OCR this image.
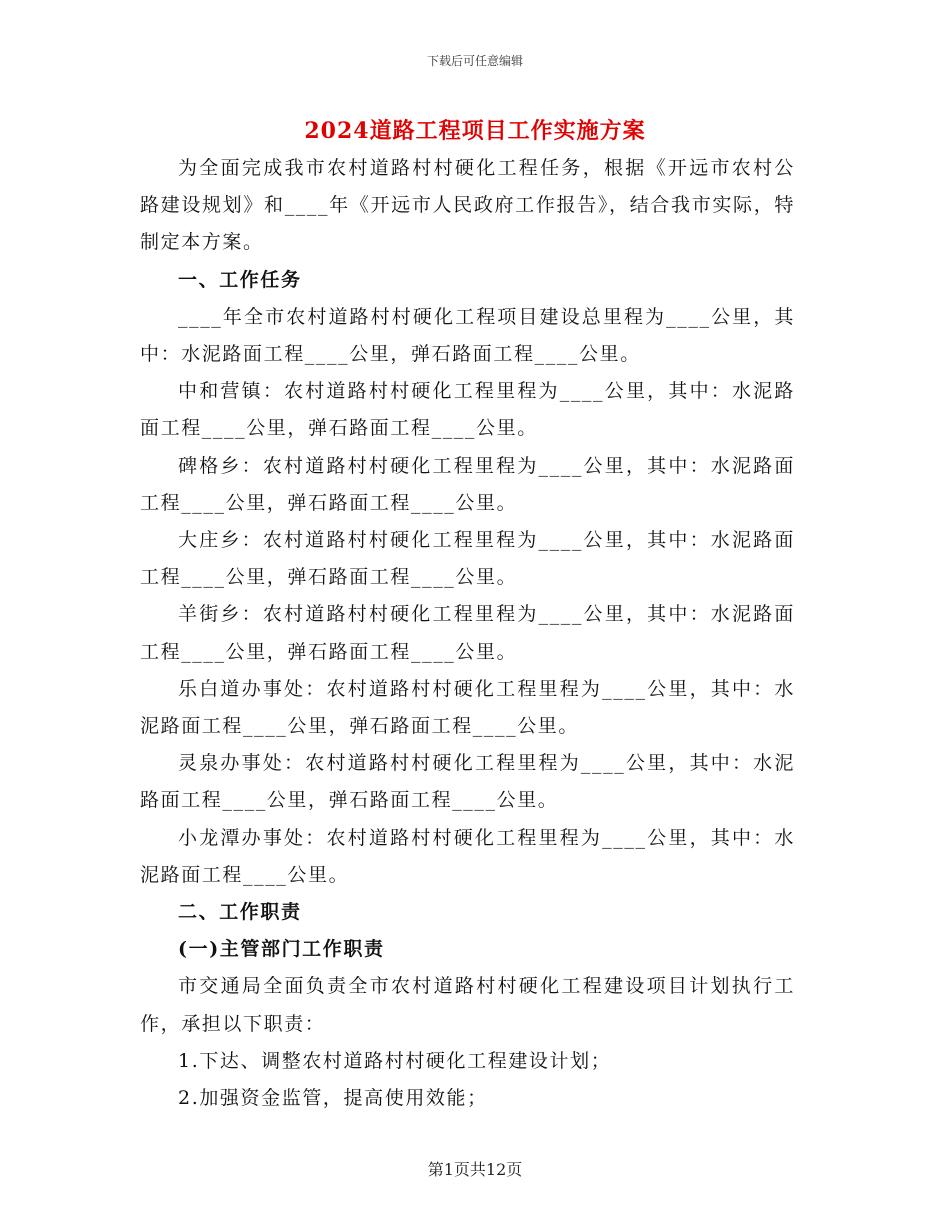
下载后可任意编辑
2024道路工程项目工作实施方案

为全面完成我市农村道路村村硬化工程任务，根据《开远市农村公路建设规划》和____年《开远市人民政府工作报告》，结合我市实际，特制定本方案。

一、工作任务

____年全市农村道路村村硬化工程项目建设总里程为____公里，其中：水泥路面工程____公里，弹石路面工程____公里。

中和营镇：农村道路村村硬化工程里程为____公里，其中：水泥路面工程____公里，弹石路面工程____公里。

碑格乡：农村道路村村硬化工程里程为____公里，其中：水泥路面工程____公里，弹石路面工程____公里。

大庄乡：农村道路村村硬化工程里程为____公里，其中：水泥路面工程____公里，弹石路面工程____公里。

羊街乡：农村道路村村硬化工程里程为____公里，其中：水泥路面工程____公里，弹石路面工程____公里。

乐白道办事处：农村道路村村硬化工程里程为____公里，其中：水泥路面工程____公里，弹石路面工程____公里。

灵泉办事处：农村道路村村硬化工程里程为____公里，其中：水泥路面工程____公里，弹石路面工程____公里。

小龙潭办事处：农村道路村村硬化工程里程为____公里，其中：水泥路面工程____公里。

二、工作职责

(一)主管部门工作职责

市交通局全面负责全市农村道路村村硬化工程建设项目计划执行工作，承担以下职责：

1.下达、调整农村道路村村硬化工程建设计划；

2.加强资金监管，提高使用效能；

第1页共12页
